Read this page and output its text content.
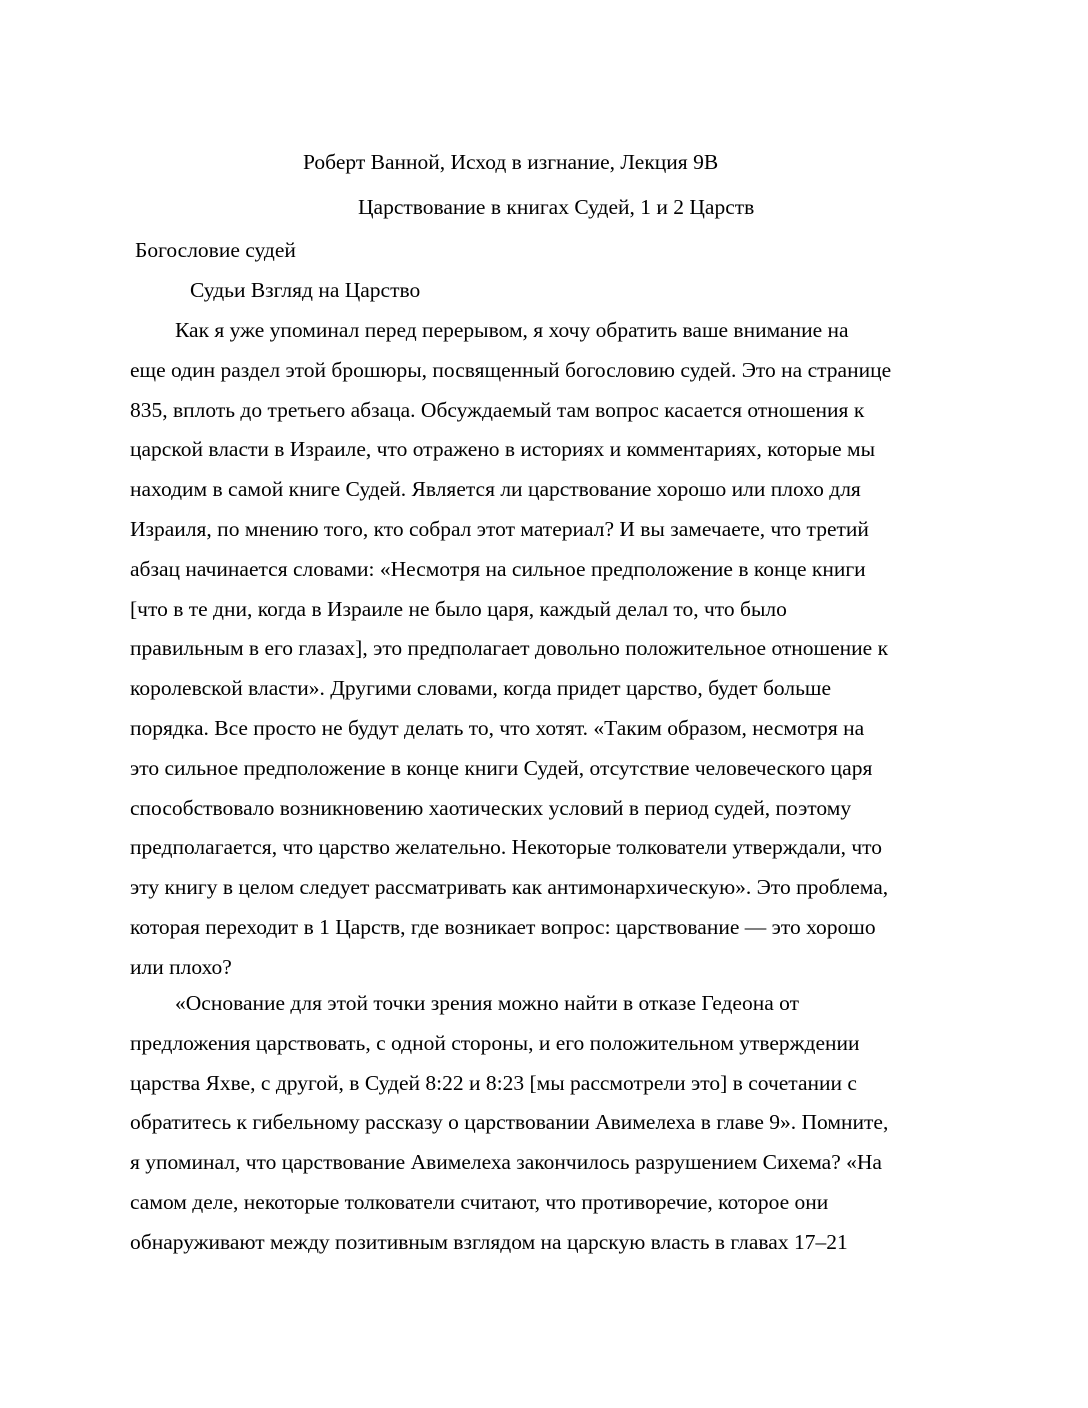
Роберт Ванной, Исход в изгнание, Лекция 9B
Царствование в книгах Судей, 1 и 2 Царств
Богословие судей
Судьи Взгляд на Царство
Как я уже упоминал перед перерывом, я хочу обратить ваше внимание на
еще один раздел этой брошюры, посвященный богословию судей. Это на странице
835, вплоть до третьего абзаца. Обсуждаемый там вопрос касается отношения к
царской власти в Израиле, что отражено в историях и комментариях, которые мы
находим в самой книге Судей. Является ли царствование хорошо или плохо для
Израиля, по мнению того, кто собрал этот материал? И вы замечаете, что третий
абзац начинается словами: «Несмотря на сильное предположение в конце книги
[что в те дни, когда в Израиле не было царя, каждый делал то, что было
правильным в его глазах], это предполагает довольно положительное отношение к
королевской власти». Другими словами, когда придет царство, будет больше
порядка. Все просто не будут делать то, что хотят. «Таким образом, несмотря на
это сильное предположение в конце книги Судей, отсутствие человеческого царя
способствовало возникновению хаотических условий в период судей, поэтому
предполагается, что царство желательно. Некоторые толкователи утверждали, что
эту книгу в целом следует рассматривать как антимонархическую». Это проблема,
которая переходит в 1 Царств, где возникает вопрос: царствование — это хорошо
или плохо?
«Основание для этой точки зрения можно найти в отказе Гедеона от
предложения царствовать, с одной стороны, и его положительном утверждении
царства Яхве, с другой, в Судей 8:22 и 8:23 [мы рассмотрели это] в сочетании с
обратитесь к гибельному рассказу о царствовании Авимелеха в главе 9». Помните,
я упоминал, что царствование Авимелеха закончилось разрушением Сихема? «На
самом деле, некоторые толкователи считают, что противоречие, которое они
обнаруживают между позитивным взглядом на царскую власть в главах 17–21
